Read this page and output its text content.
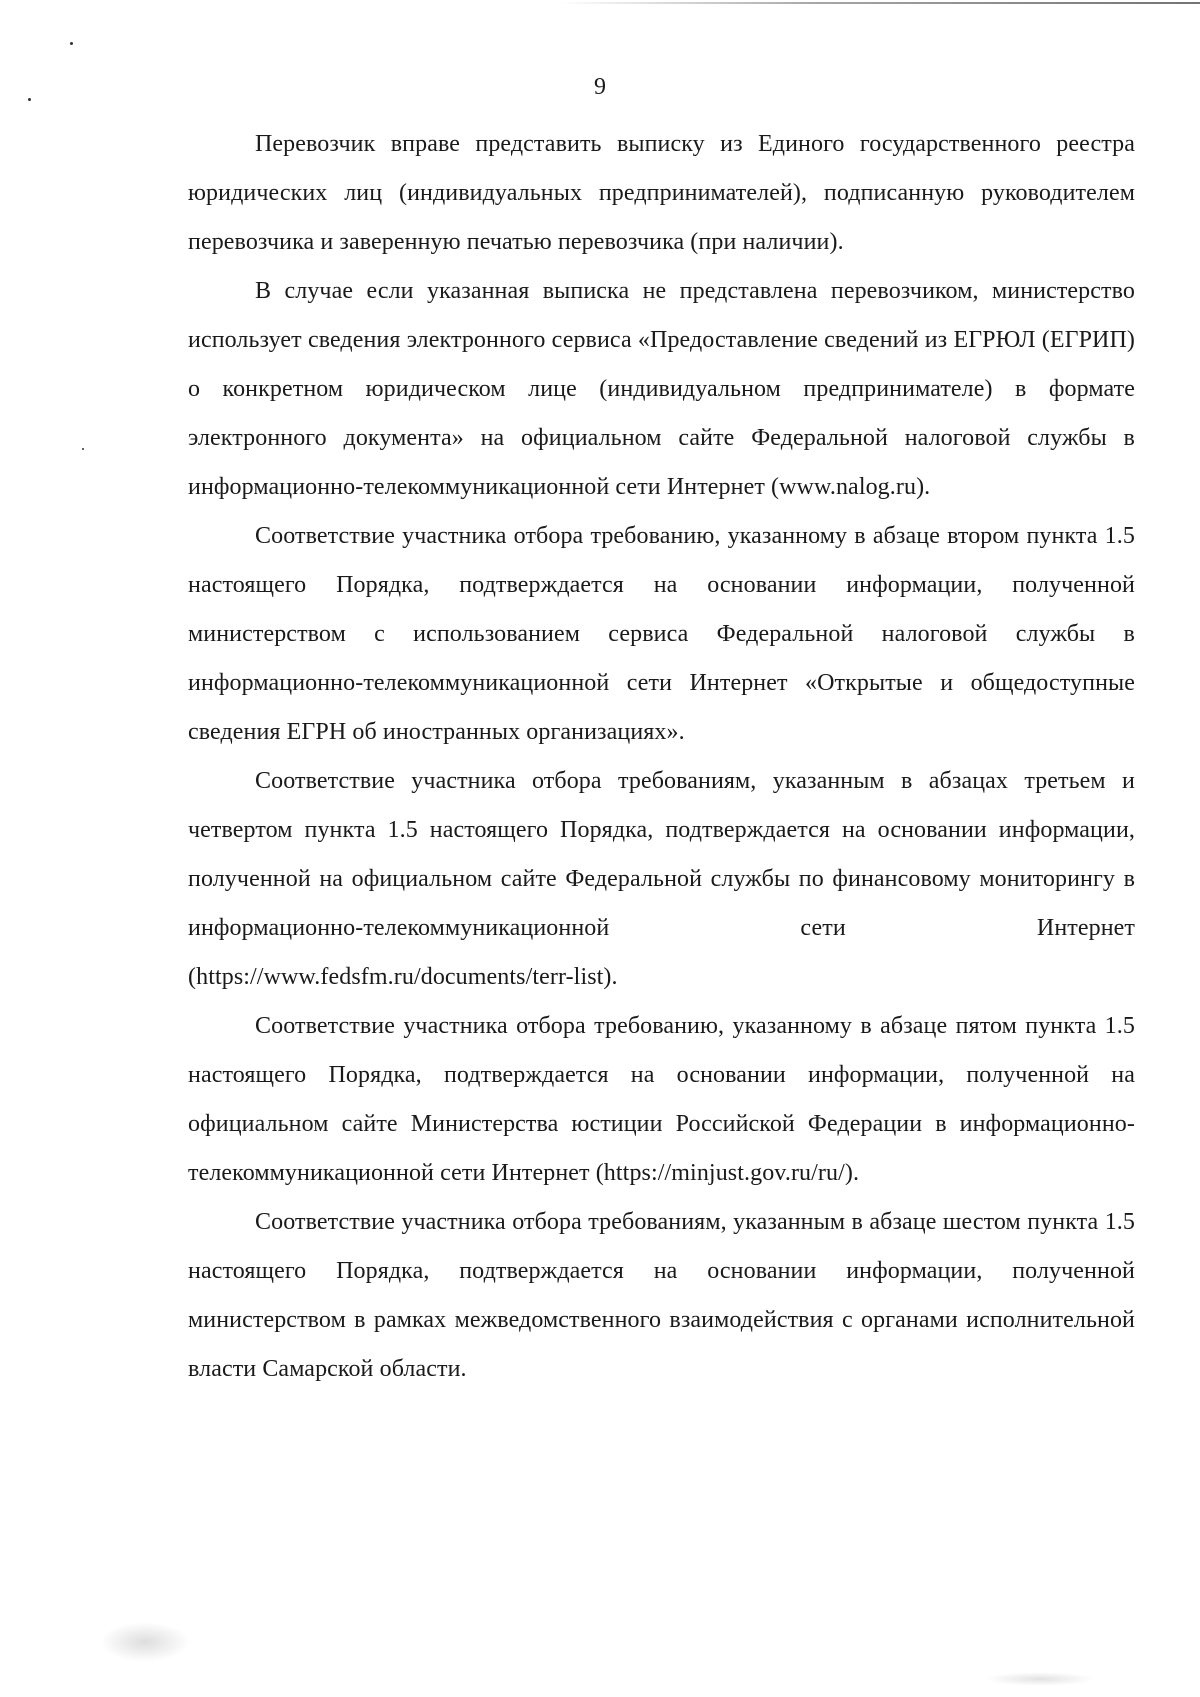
9

Перевозчик вправе представить выписку из Единого государственного реестра юридических лиц (индивидуальных предпринимателей), подписанную руководителем перевозчика и заверенную печатью перевозчика (при наличии).

В случае если указанная выписка не представлена перевозчиком, министерство использует сведения электронного сервиса «Предоставление сведений из ЕГРЮЛ (ЕГРИП) о конкретном юридическом лице (индивидуальном предпринимателе) в формате электронного документа» на официальном сайте Федеральной налоговой службы в информационно-телекоммуникационной сети Интернет (www.nalog.ru).

Соответствие участника отбора требованию, указанному в абзаце втором пункта 1.5 настоящего Порядка, подтверждается на основании информации, полученной министерством с использованием сервиса Федеральной налоговой службы в информационно-телекоммуникационной сети Интернет «Открытые и общедоступные сведения ЕГРН об иностранных организациях».

Соответствие участника отбора требованиям, указанным в абзацах третьем и четвертом пункта 1.5 настоящего Порядка, подтверждается на основании информации, полученной на официальном сайте Федеральной службы по финансовому мониторингу в информационно-телекоммуникационной сети Интернет (https://www.fedsfm.ru/documents/terr-list).

Соответствие участника отбора требованию, указанному в абзаце пятом пункта 1.5 настоящего Порядка, подтверждается на основании информации, полученной на официальном сайте Министерства юстиции Российской Федерации в информационно-телекоммуникационной сети Интернет (https://minjust.gov.ru/ru/).

Соответствие участника отбора требованиям, указанным в абзаце шестом пункта 1.5 настоящего Порядка, подтверждается на основании информации, полученной министерством в рамках межведомственного взаимодействия с органами исполнительной власти Самарской области.
